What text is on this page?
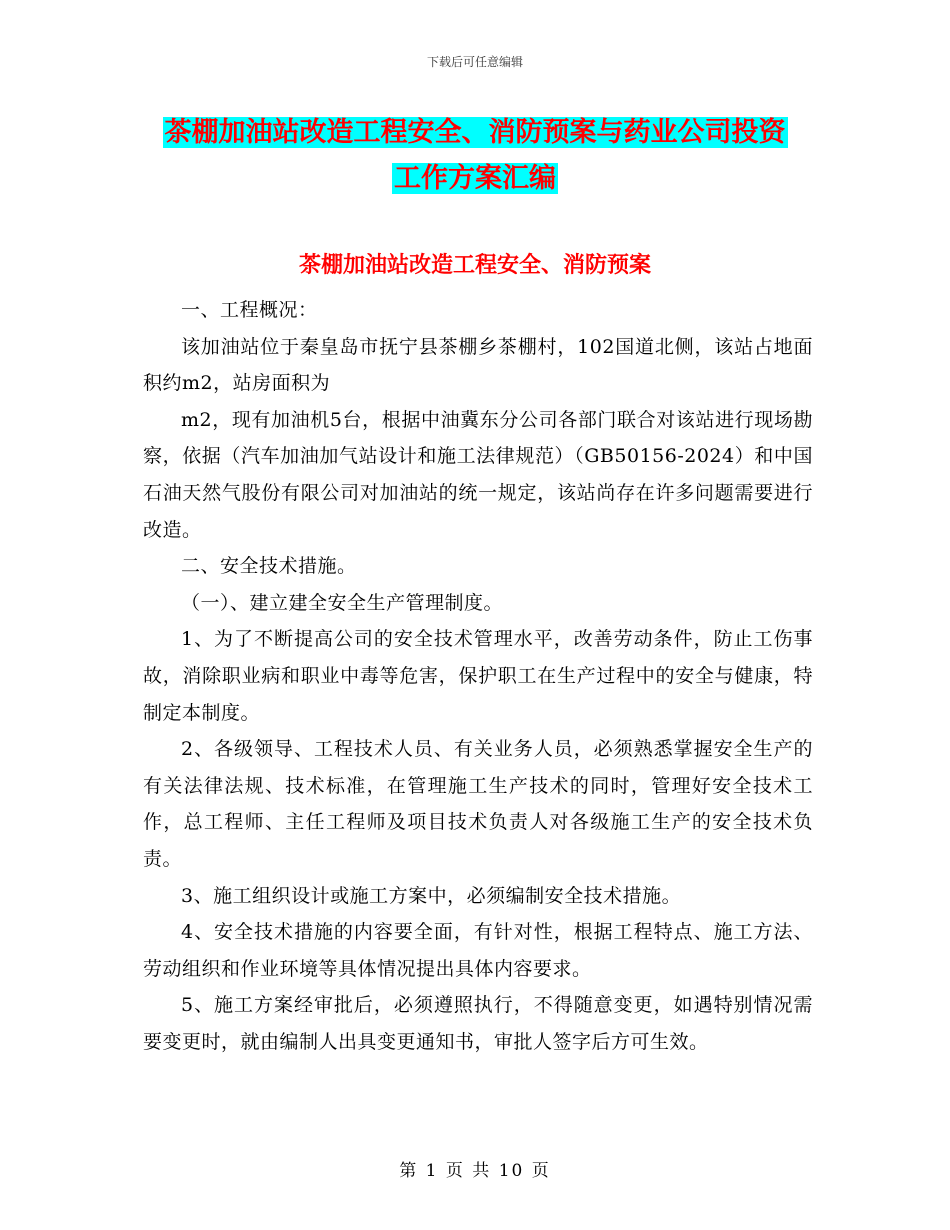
下载后可任意编辑
茶棚加油站改造工程安全、消防预案与药业公司投资
工作方案汇编
茶棚加油站改造工程安全、消防预案

一、工程概况：

该加油站位于秦皇岛市抚宁县茶棚乡茶棚村，102国道北侧，该站占地面积约m2，站房面积为

m2，现有加油机5台，根据中油冀东分公司各部门联合对该站进行现场勘察，依据（汽车加油加气站设计和施工法律规范）（GB50156-2024）和中国石油天然气股份有限公司对加油站的统一规定，该站尚存在许多问题需要进行改造。

二、安全技术措施。

（一）、建立建全安全生产管理制度。

1、为了不断提高公司的安全技术管理水平，改善劳动条件，防止工伤事故，消除职业病和职业中毒等危害，保护职工在生产过程中的安全与健康，特制定本制度。

2、各级领导、工程技术人员、有关业务人员，必须熟悉掌握安全生产的有关法律法规、技术标准，在管理施工生产技术的同时，管理好安全技术工作，总工程师、主任工程师及项目技术负责人对各级施工生产的安全技术负责。

3、施工组织设计或施工方案中，必须编制安全技术措施。

4、安全技术措施的内容要全面，有针对性，根据工程特点、施工方法、劳动组织和作业环境等具体情况提出具体内容要求。

5、施工方案经审批后，必须遵照执行，不得随意变更，如遇特别情况需要变更时，就由编制人出具变更通知书，审批人签字后方可生效。

第 1 页 共 10 页
